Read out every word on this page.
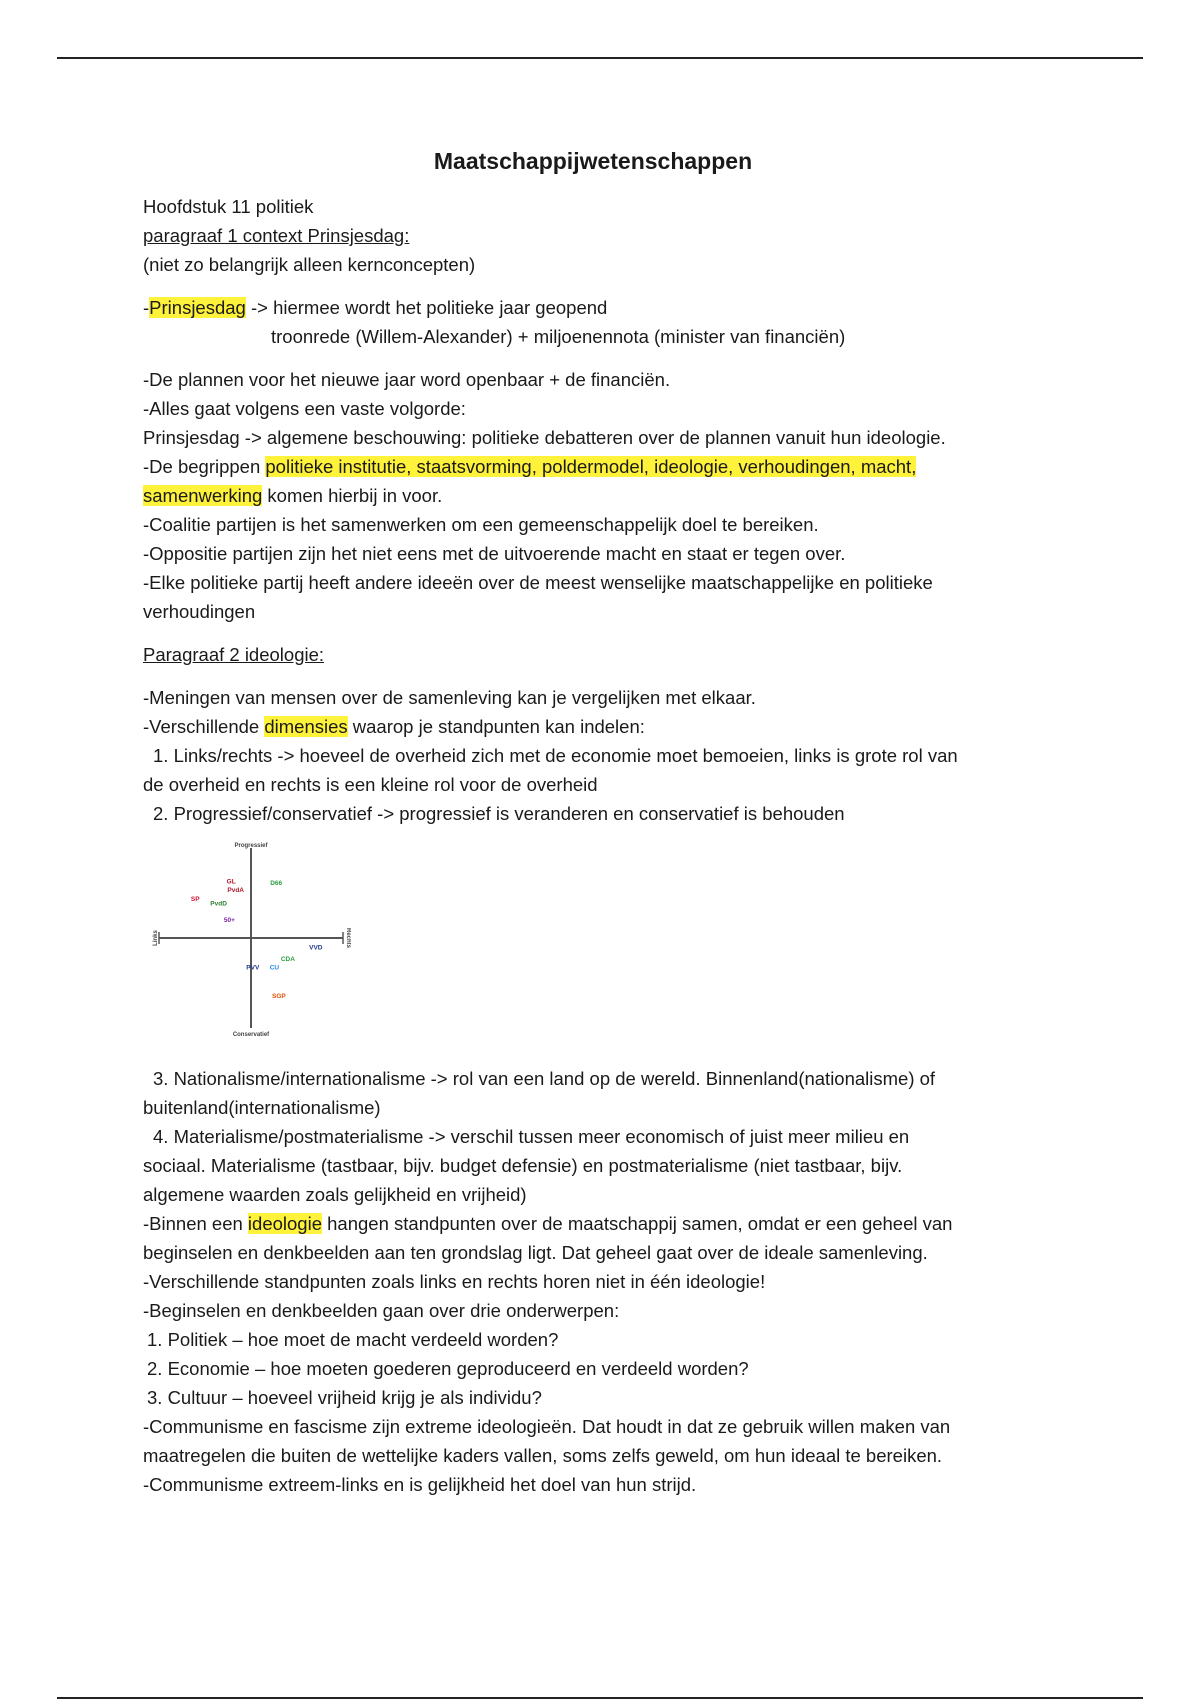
Maatschappijwetenschappen
Hoofdstuk 11 politiek
paragraaf 1 context Prinsjesdag:
(niet zo belangrijk alleen kernconcepten)
-Prinsjesdag -> hiermee wordt het politieke jaar geopend
troonrede (Willem-Alexander) + miljoenennota (minister van financiën)
-De plannen voor het nieuwe jaar word openbaar + de financiën.
-Alles gaat volgens een vaste volgorde:
Prinsjesdag -> algemene beschouwing: politieke debatteren over de plannen vanuit hun ideologie.
-De begrippen politieke institutie, staatsvorming, poldermodel, ideologie, verhoudingen, macht,
samenwerking komen hierbij in voor.
-Coalitie partijen is het samenwerken om een gemeenschappelijk doel te bereiken.
-Oppositie partijen zijn het niet eens met de uitvoerende macht en staat er tegen over.
-Elke politieke partij heeft andere ideeën over de meest wenselijke maatschappelijke en politieke
verhoudingen
Paragraaf 2 ideologie:
-Meningen van mensen over de samenleving kan je vergelijken met elkaar.
-Verschillende dimensies waarop je standpunten kan indelen:
1. Links/rechts -> hoeveel de overheid zich met de economie moet bemoeien, links is grote rol van
de overheid en rechts is een kleine rol voor de overheid
2. Progressief/conservatief -> progressief is veranderen en conservatief is behouden
Progressief
Conservatief
Links	Rechts
GL
PvdA
SP
PvdD
D66
50+
VVD
CDA
PVV CU
SGP
3. Nationalisme/internationalisme -> rol van een land op de wereld. Binnenland(nationalisme) of
buitenland(internationalisme)
4. Materialisme/postmaterialisme -> verschil tussen meer economisch of juist meer milieu en
sociaal. Materialisme (tastbaar, bijv. budget defensie) en postmaterialisme (niet tastbaar, bijv.
algemene waarden zoals gelijkheid en vrijheid)
-Binnen een ideologie hangen standpunten over de maatschappij samen, omdat er een geheel van
beginselen en denkbeelden aan ten grondslag ligt. Dat geheel gaat over de ideale samenleving.
-Verschillende standpunten zoals links en rechts horen niet in één ideologie!
-Beginselen en denkbeelden gaan over drie onderwerpen:
1. Politiek – hoe moet de macht verdeeld worden?
2. Economie – hoe moeten goederen geproduceerd en verdeeld worden?
3. Cultuur – hoeveel vrijheid krijg je als individu?
-Communisme en fascisme zijn extreme ideologieën. Dat houdt in dat ze gebruik willen maken van
maatregelen die buiten de wettelijke kaders vallen, soms zelfs geweld, om hun ideaal te bereiken.
-Communisme extreem-links en is gelijkheid het doel van hun strijd.
